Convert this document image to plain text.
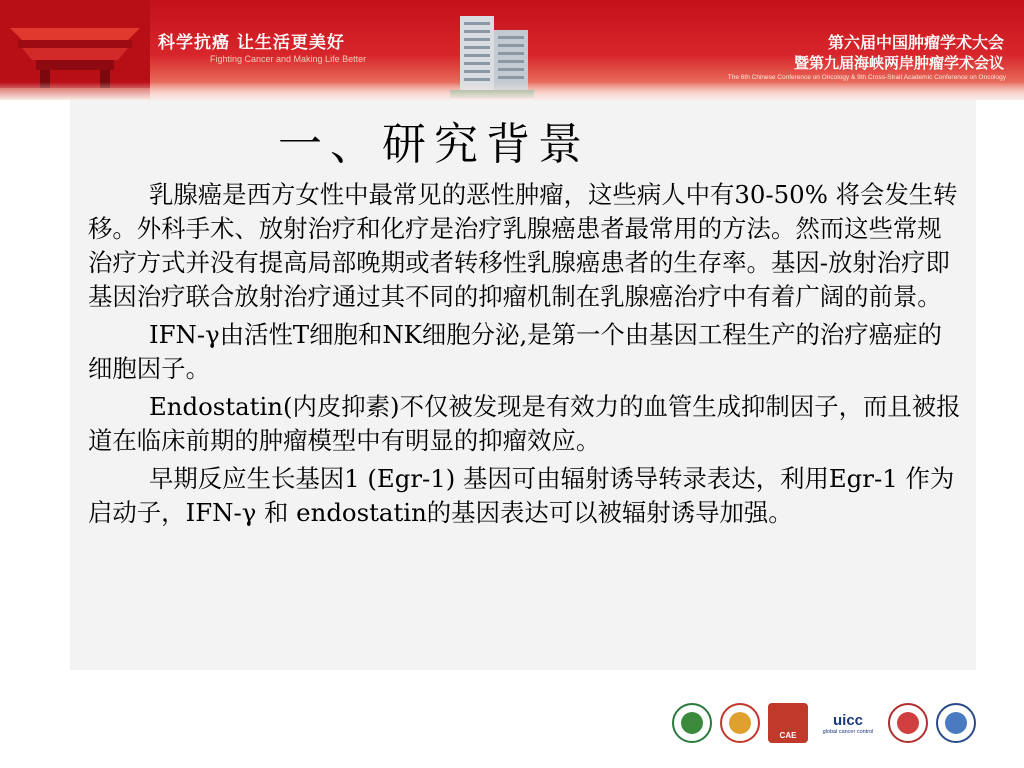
科学抗癌 让生活更美好
Fighting Cancer and Making Life Better
第六届中国肿瘤学术大会
暨第九届海峡两岸肿瘤学术会议
The 6th Chinese Conference on Oncology & 9th Cross-Strait Academic Conference on Oncology
一、研究背景

乳腺癌是西方女性中最常见的恶性肿瘤，这些病人中有30-50% 将会发生转移。外科手术、放射治疗和化疗是治疗乳腺癌患者最常用的方法。然而这些常规治疗方式并没有提高局部晚期或者转移性乳腺癌患者的生存率。基因-放射治疗即基因治疗联合放射治疗通过其不同的抑瘤机制在乳腺癌治疗中有着广阔的前景。

IFN-γ由活性T细胞和NK细胞分泌,是第一个由基因工程生产的治疗癌症的细胞因子。

Endostatin(内皮抑素)不仅被发现是有效力的血管生成抑制因子，而且被报道在临床前期的肿瘤模型中有明显的抑瘤效应。

早期反应生长基因1 (Egr-1) 基因可由辐射诱导转录表达，利用Egr-1 作为启动子，IFN-γ 和 endostatin的基因表达可以被辐射诱导加强。

CAE
uicc
global cancer control
